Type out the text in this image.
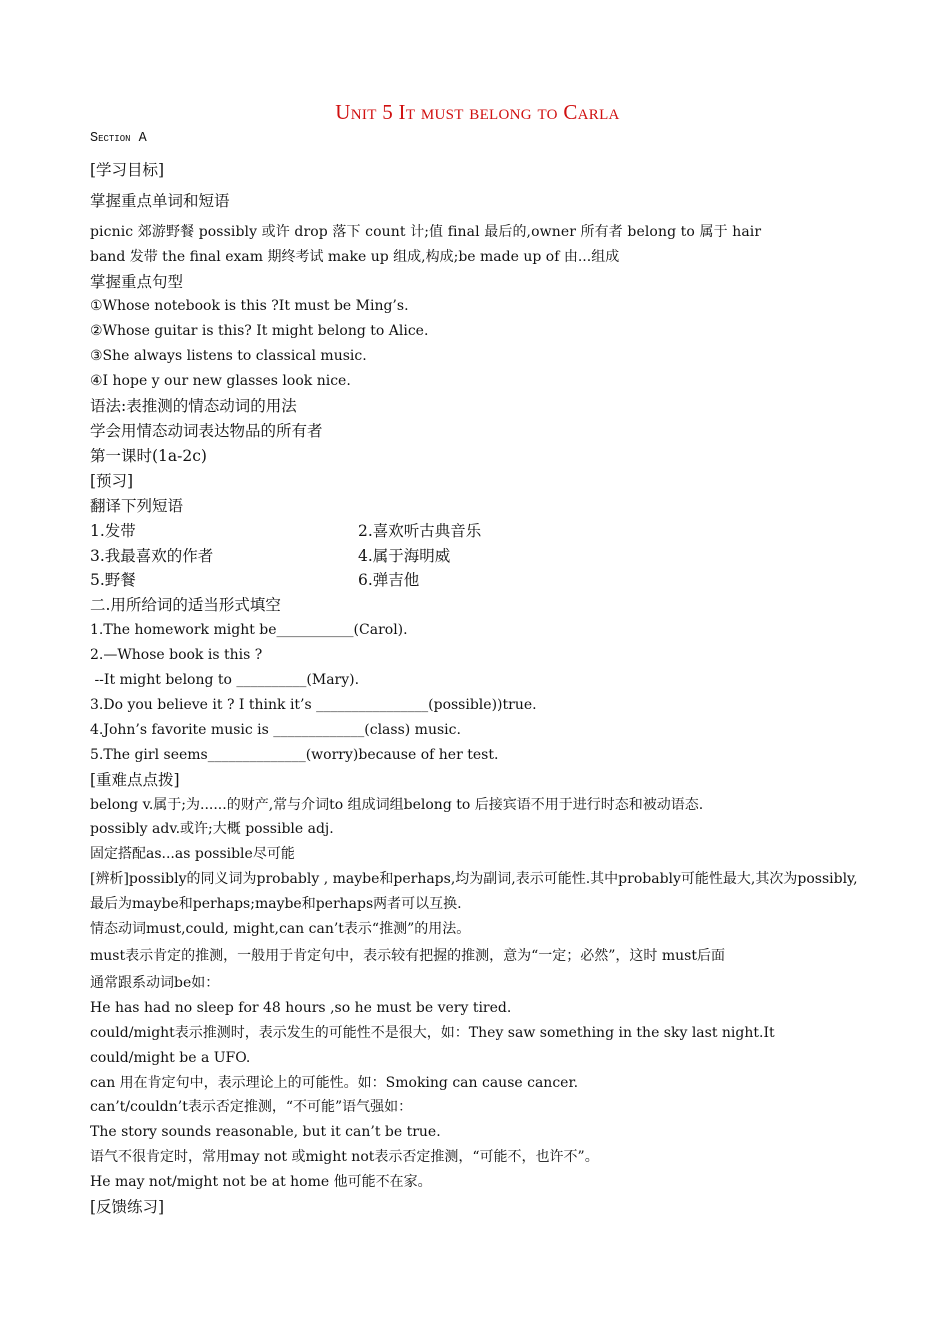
Unit 5 It must belong to Carla
Section A
[学习目标]
掌握重点单词和短语
picnic 郊游野餐 possibly 或许 drop 落下 count 计;值 final 最后的,owner 所有者 belong to 属于 hair
band 发带 the final exam 期终考试 make up 组成,构成;be made up of 由...组成
掌握重点句型
①Whose notebook is this ?It must be Ming’s.
②Whose guitar is this? It might belong to Alice.
③She always listens to classical music.
④I hope y our new glasses look nice.
语法:表推测的情态动词的用法
学会用情态动词表达物品的所有者
第一课时(1a-2c)
[预习]
翻译下列短语
1.发带	2.喜欢听古典音乐
3.我最喜欢的作者	4.属于海明威
5.野餐	6.弹吉他
二.用所给词的适当形式填空
1.The homework might be___________(Carol).
2.—Whose book is this ?
--It might belong to __________(Mary).
3.Do you believe it ? I think it’s ________________(possible))true.
4.John’s favorite music is _____________(class) music.
5.The girl seems______________(worry)because of her test.
[重难点点拨]
belong v.属于;为......的财产,常与介词to 组成词组belong to 后接宾语不用于进行时态和被动语态.
possibly adv.或许;大概 possible adj.
固定搭配as...as possible尽可能
[辨析]possibly的同义词为probably , maybe和perhaps,均为副词,表示可能性.其中probably可能性最大,其次为possibly,最后为maybe和perhaps;maybe和perhaps两者可以互换.
情态动词must,could, might,can can’t表示“推测”的用法。
must表示肯定的推测，一般用于肯定句中，表示较有把握的推测，意为“一定；必然”，这时 must后面
通常跟系动词be如：
He has had no sleep for 48 hours ,so he must be very tired.
could/might表示推测时，表示发生的可能性不是很大，如：They saw something in the sky last night.It
could/might be a UFO.
can 用在肯定句中，表示理论上的可能性。如：Smoking can cause cancer.
can’t/couldn’t表示否定推测，“不可能”语气强如：
The story sounds reasonable, but it can’t be true.
语气不很肯定时，常用may not 或might not表示否定推测，“可能不，也许不”。
He may not/might not be at home 他可能不在家。
[反馈练习]
